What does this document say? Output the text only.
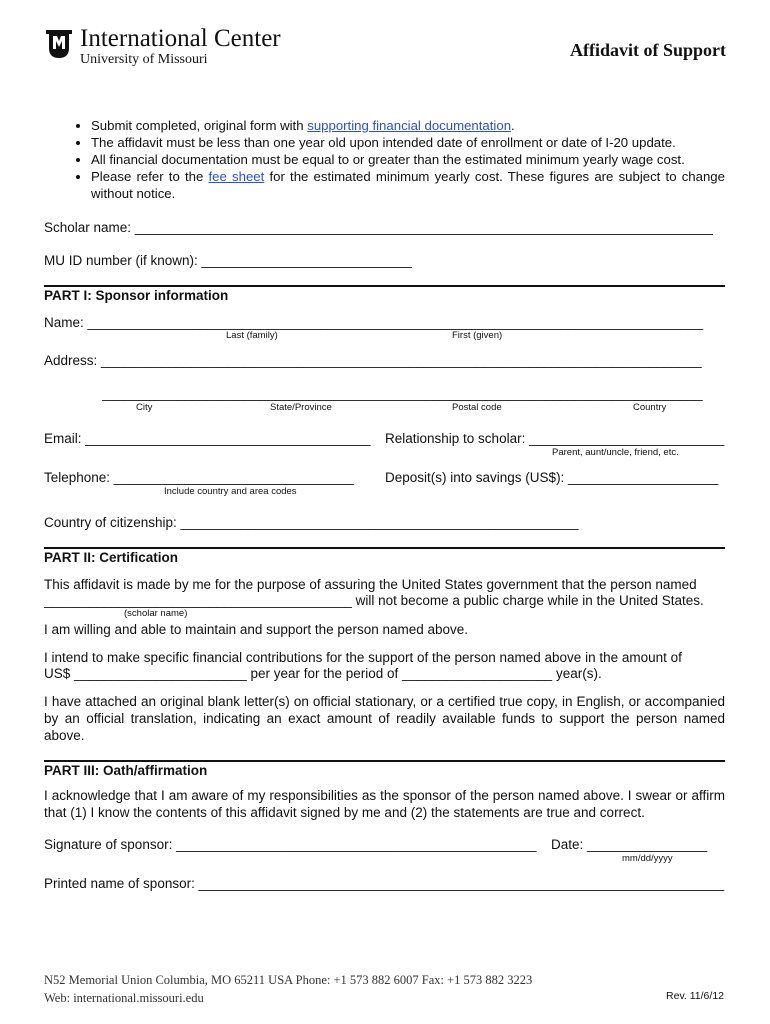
International Center
University of Missouri	Affidavit of Support
• Submit completed, original form with supporting financial documentation.
• The affidavit must be less than one year old upon intended date of enrollment or date of I-20 update.
• All financial documentation must be equal to or greater than the estimated minimum yearly wage cost.
• Please refer to the fee sheet for the estimated minimum yearly cost. These figures are subject to change without notice.
Scholar name: _____________________________________________________________________________
MU ID number (if known): ____________________________
PART I: Sponsor information
Name: __________________________________________________________________________________
Last (family)	First (given)
Address: ________________________________________________________________________________
________________________________________________________________________________
City	State/Province	Postal code	Country
Email: ______________________________________	Relationship to scholar: __________________________
Parent, aunt/uncle, friend, etc.
Telephone: ________________________________
Include country and area codes
Deposit(s) into savings (US$): ____________________
Country of citizenship: _____________________________________________________
PART II: Certification
This affidavit is made by me for the purpose of assuring the United States government that the person named
_________________________________________ will not become a public charge while in the United States.
(scholar name)
I am willing and able to maintain and support the person named above.
I intend to make specific financial contributions for the support of the person named above in the amount of
US$ _______________________ per year for the period of ____________________ year(s).
I have attached an original blank letter(s) on official stationary, or a certified true copy, in English, or accompanied by an official translation, indicating an exact amount of readily available funds to support the person named above.
PART III: Oath/affirmation
I acknowledge that I am aware of my responsibilities as the sponsor of the person named above. I swear or affirm that (1) I know the contents of this affidavit signed by me and (2) the statements are true and correct.
Signature of sponsor: ________________________________________________	Date: ________________
mm/dd/yyyy
Printed name of sponsor: ______________________________________________________________________
N52 Memorial Union Columbia, MO 65211 USA Phone: +1 573 882 6007 Fax: +1 573 882 3223
Web: international.missouri.edu	Rev. 11/6/12
